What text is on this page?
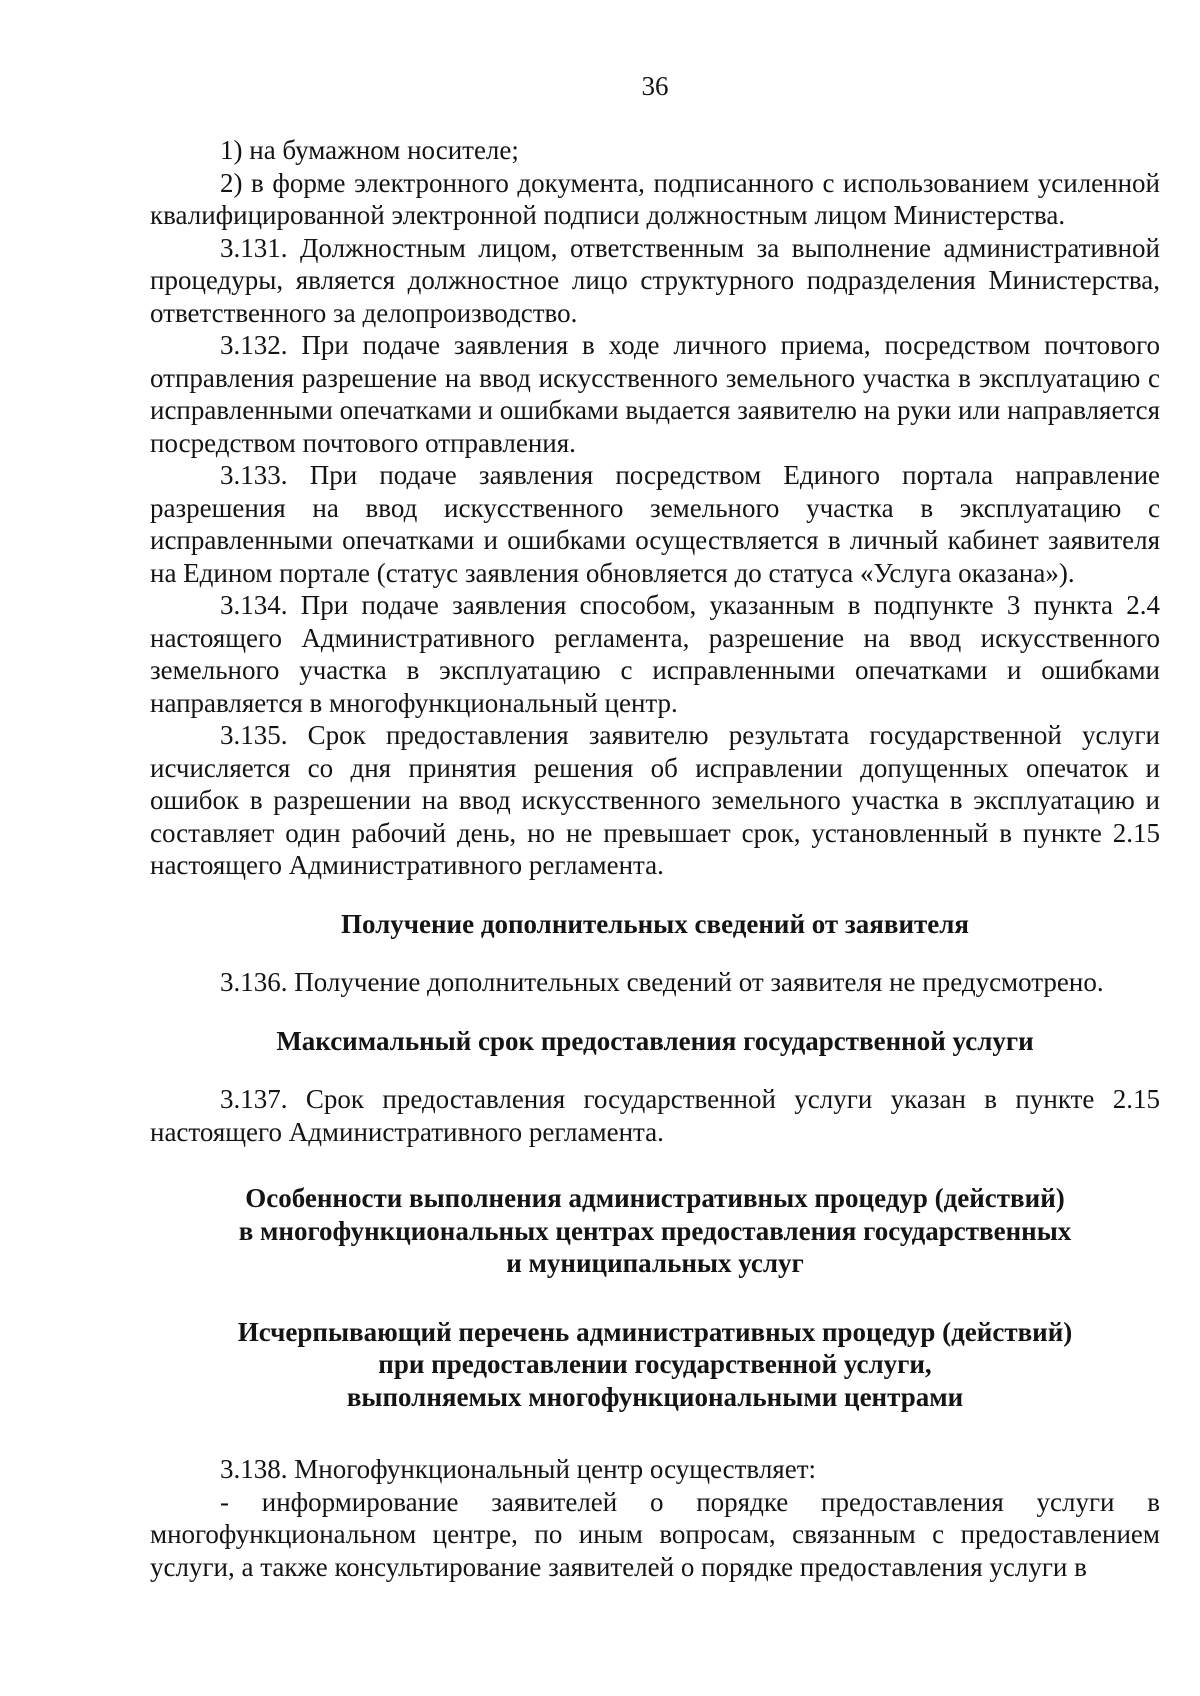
36

1) на бумажном носителе;

2) в форме электронного документа, подписанного с использованием усиленной квалифицированной электронной подписи должностным лицом Министерства.

3.131. Должностным лицом, ответственным за выполнение административной процедуры, является должностное лицо структурного подразделения Министерства, ответственного за делопроизводство.

3.132. При подаче заявления в ходе личного приема, посредством почтового отправления разрешение на ввод искусственного земельного участка в эксплуатацию с исправленными опечатками и ошибками выдается заявителю на руки или направляется посредством почтового отправления.

3.133. При подаче заявления посредством Единого портала направление разрешения на ввод искусственного земельного участка в эксплуатацию с исправленными опечатками и ошибками осуществляется в личный кабинет заявителя на Едином портале (статус заявления обновляется до статуса «Услуга оказана»).

3.134. При подаче заявления способом, указанным в подпункте 3 пункта 2.4 настоящего Административного регламента, разрешение на ввод искусственного земельного участка в эксплуатацию с исправленными опечатками и ошибками направляется в многофункциональный центр.

3.135. Срок предоставления заявителю результата государственной услуги исчисляется со дня принятия решения об исправлении допущенных опечаток и ошибок в разрешении на ввод искусственного земельного участка в эксплуатацию и составляет один рабочий день, но не превышает срок, установленный в пункте 2.15 настоящего Административного регламента.

Получение дополнительных сведений от заявителя

3.136. Получение дополнительных сведений от заявителя не предусмотрено.

Максимальный срок предоставления государственной услуги

3.137. Срок предоставления государственной услуги указан в пункте 2.15 настоящего Административного регламента.

Особенности выполнения административных процедур (действий)
в многофункциональных центрах предоставления государственных
и муниципальных услуг
Исчерпывающий перечень административных процедур (действий)
при предоставлении государственной услуги,
выполняемых многофункциональными центрами

3.138. Многофункциональный центр осуществляет:

- информирование заявителей о порядке предоставления услуги в многофункциональном центре, по иным вопросам, связанным с предоставлением услуги, а также консультирование заявителей о порядке предоставления услуги в
